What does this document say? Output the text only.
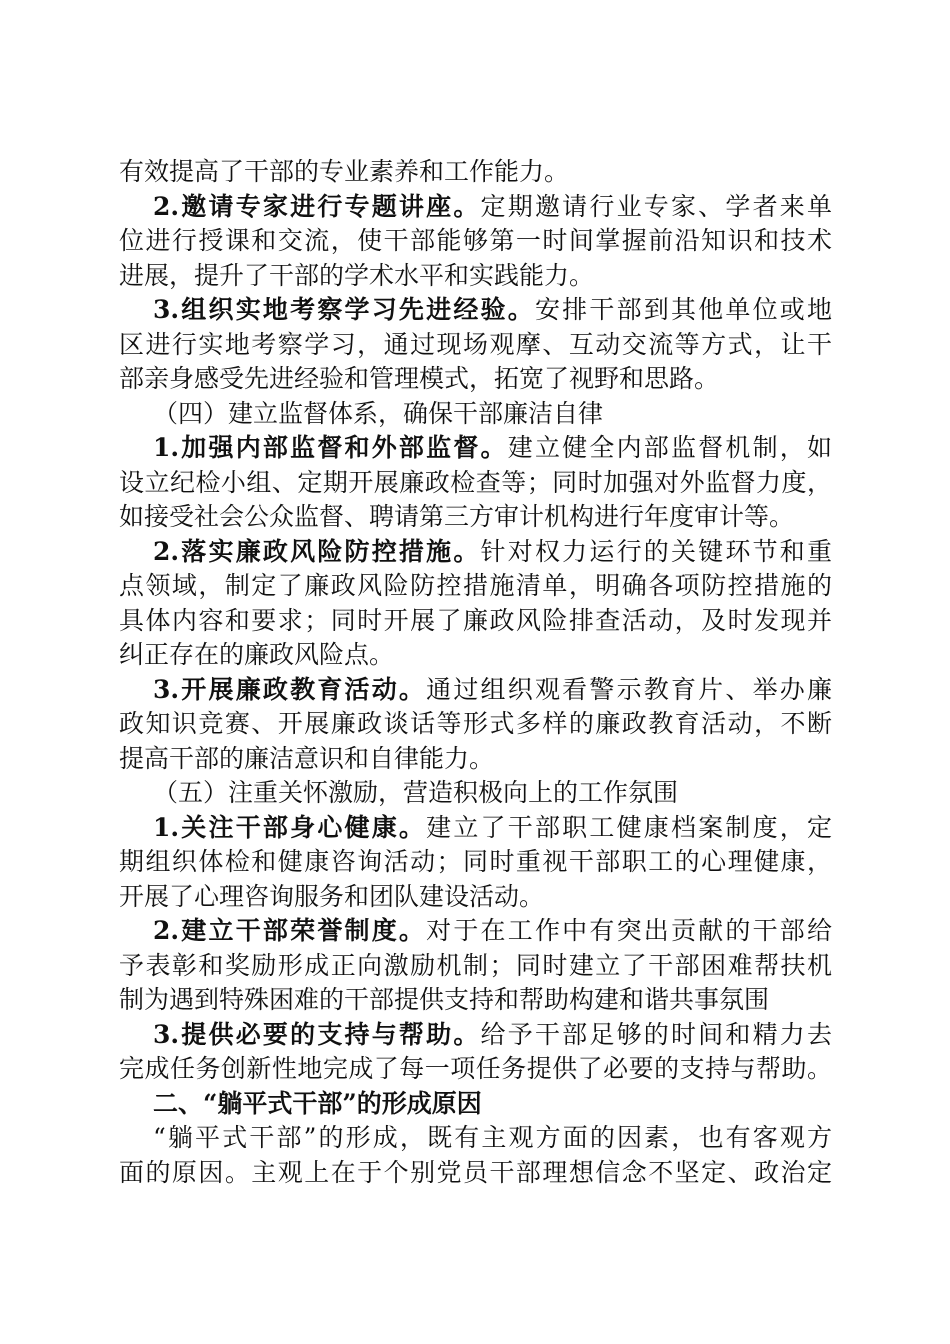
有效提高了干部的专业素养和工作能力。
2.邀请专家进行专题讲座。定期邀请行业专家、学者来单
位进行授课和交流，使干部能够第一时间掌握前沿知识和技术
进展，提升了干部的学术水平和实践能力。
3.组织实地考察学习先进经验。安排干部到其他单位或地
区进行实地考察学习，通过现场观摩、互动交流等方式，让干
部亲身感受先进经验和管理模式，拓宽了视野和思路。
（四）建立监督体系，确保干部廉洁自律
1.加强内部监督和外部监督。建立健全内部监督机制，如
设立纪检小组、定期开展廉政检查等；同时加强对外监督力度，
如接受社会公众监督、聘请第三方审计机构进行年度审计等。
2.落实廉政风险防控措施。针对权力运行的关键环节和重
点领域，制定了廉政风险防控措施清单，明确各项防控措施的
具体内容和要求；同时开展了廉政风险排查活动，及时发现并
纠正存在的廉政风险点。
3.开展廉政教育活动。通过组织观看警示教育片、举办廉
政知识竞赛、开展廉政谈话等形式多样的廉政教育活动，不断
提高干部的廉洁意识和自律能力。
（五）注重关怀激励，营造积极向上的工作氛围
1.关注干部身心健康。建立了干部职工健康档案制度，定
期组织体检和健康咨询活动；同时重视干部职工的心理健康，
开展了心理咨询服务和团队建设活动。
2.建立干部荣誉制度。对于在工作中有突出贡献的干部给
予表彰和奖励形成正向激励机制；同时建立了干部困难帮扶机
制为遇到特殊困难的干部提供支持和帮助构建和谐共事氛围
3.提供必要的支持与帮助。给予干部足够的时间和精力去
完成任务创新性地完成了每一项任务提供了必要的支持与帮助。
二、“躺平式干部”的形成原因
“躺平式干部”的形成，既有主观方面的因素，也有客观方
面的原因。主观上在于个别党员干部理想信念不坚定、政治定
